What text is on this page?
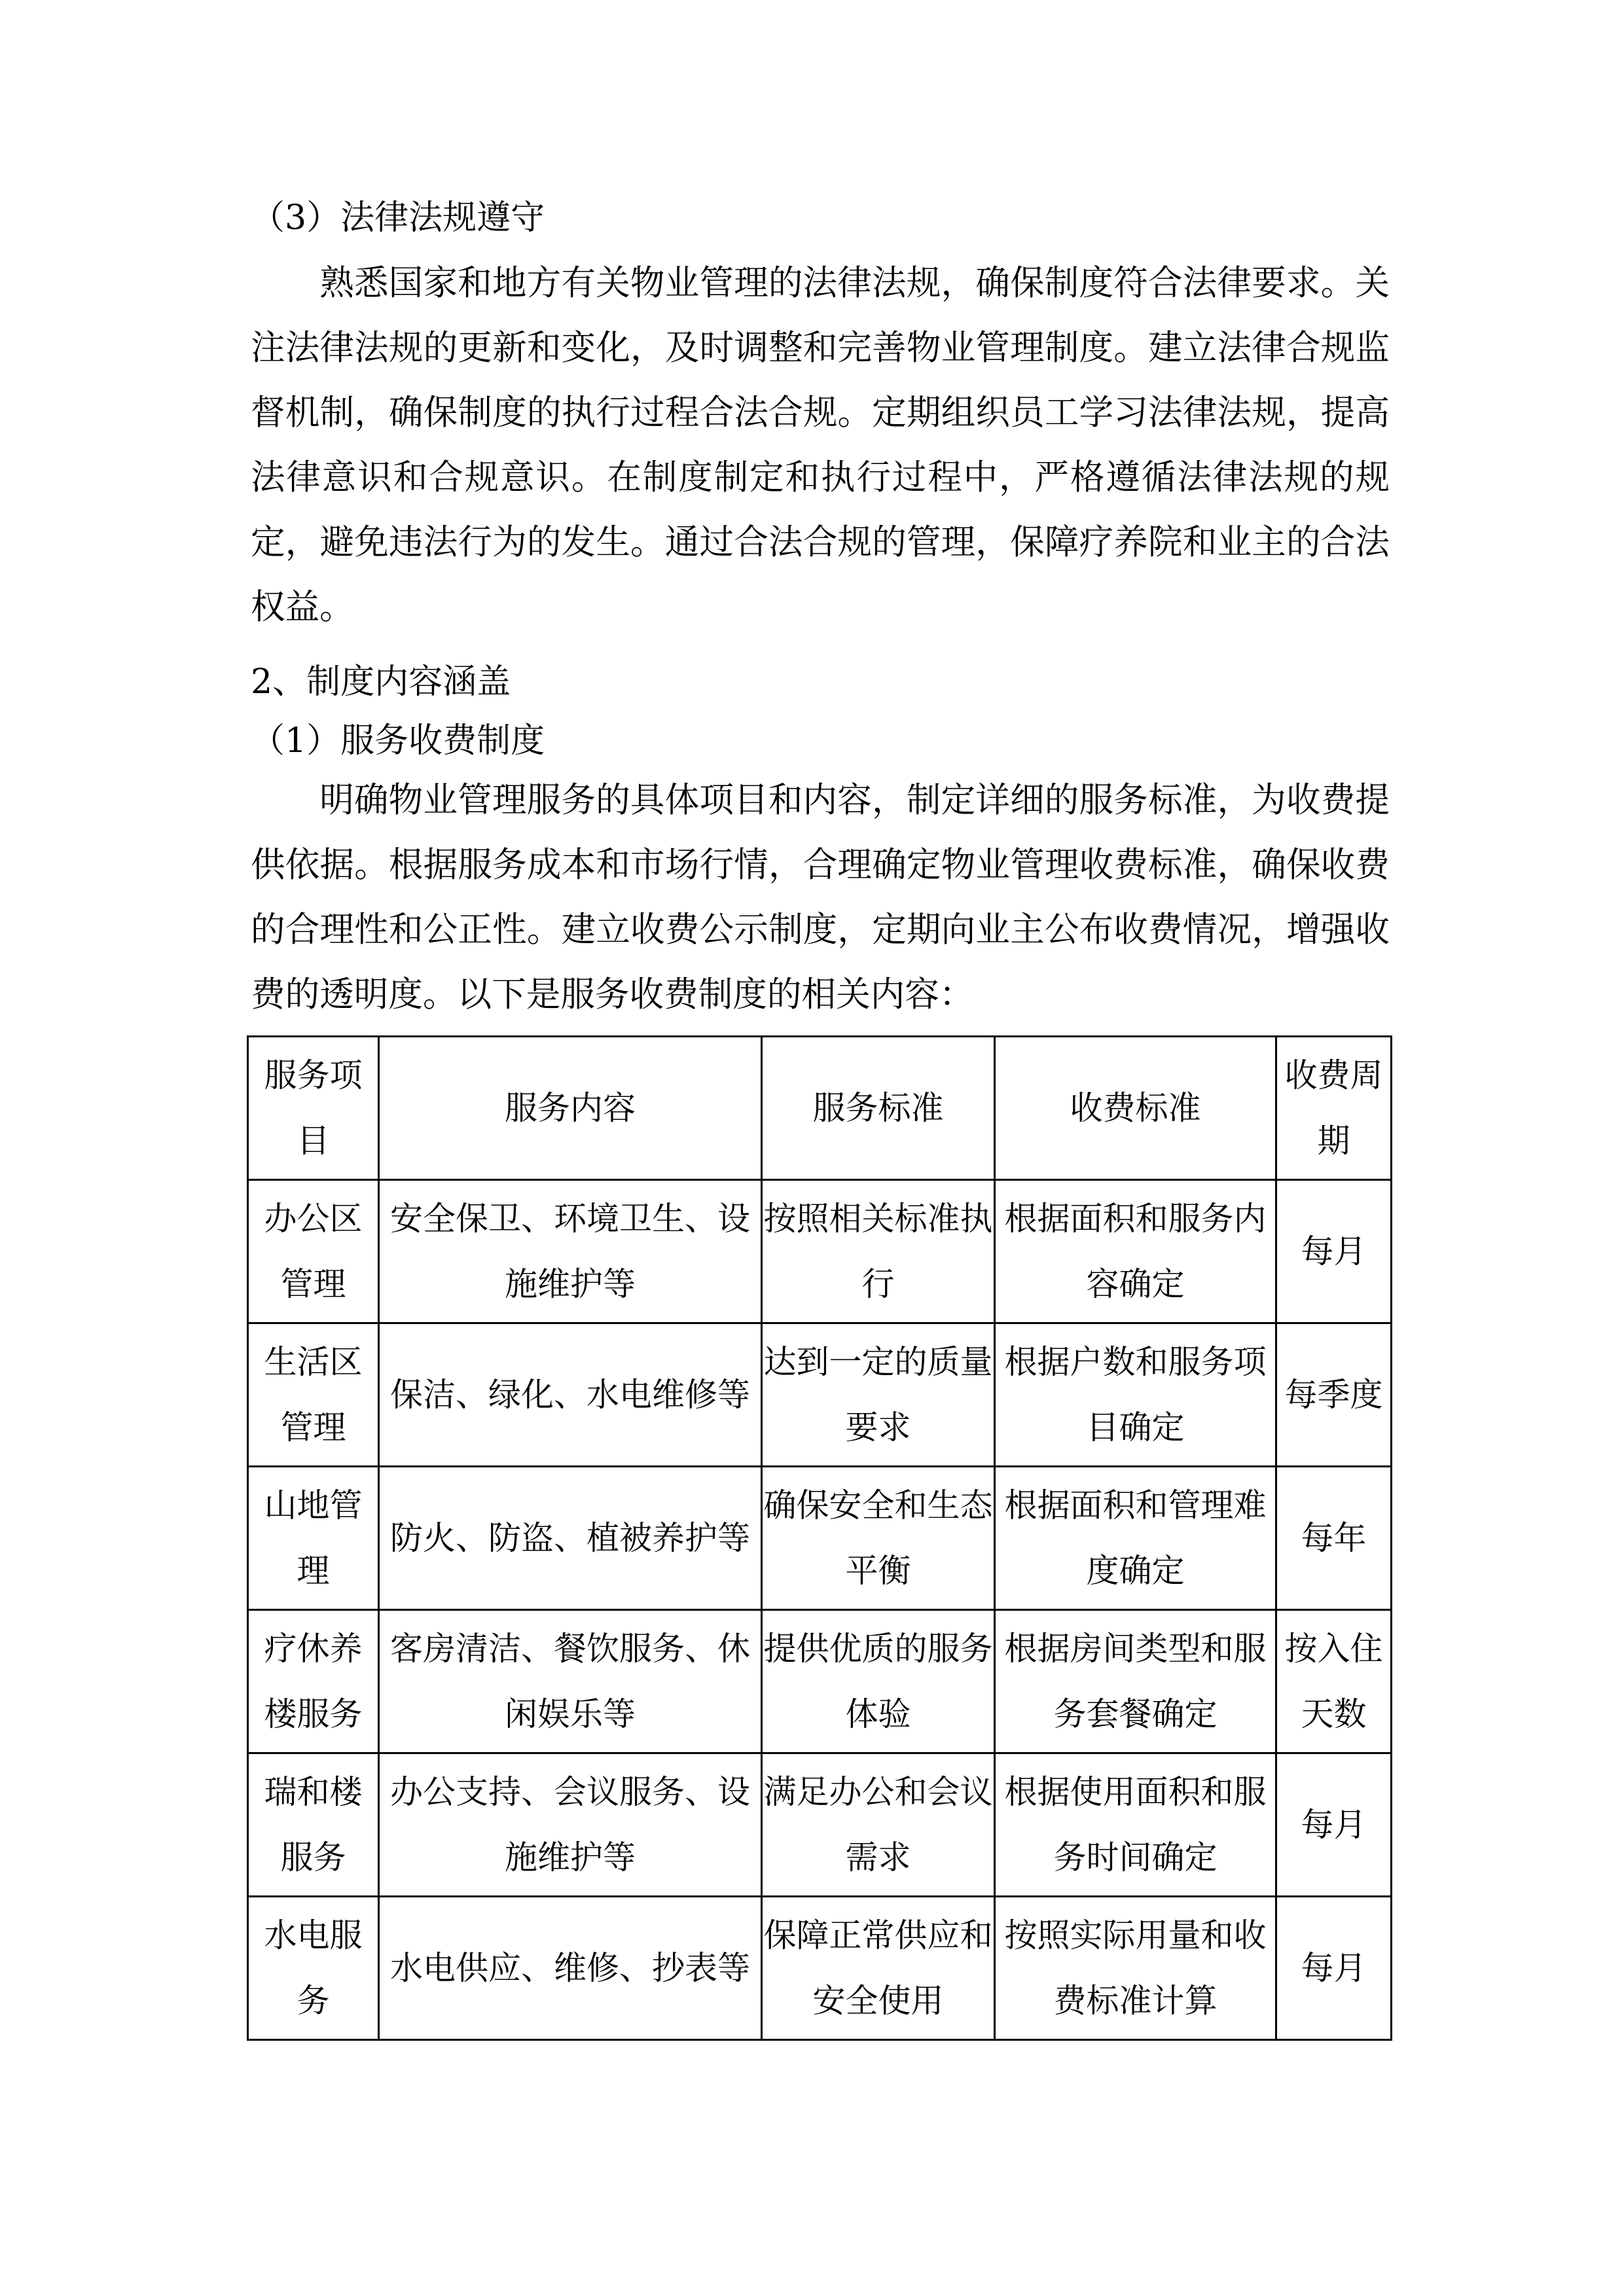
（3）法律法规遵守

熟悉国家和地方有关物业管理的法律法规，确保制度符合法律要求。关注法律法规的更新和变化，及时调整和完善物业管理制度。建立法律合规监督机制，确保制度的执行过程合法合规。定期组织员工学习法律法规，提高法律意识和合规意识。在制度制定和执行过程中，严格遵循法律法规的规定，避免违法行为的发生。通过合法合规的管理，保障疗养院和业主的合法权益。

2、制度内容涵盖
（1）服务收费制度

明确物业管理服务的具体项目和内容，制定详细的服务标准，为收费提供依据。根据服务成本和市场行情，合理确定物业管理收费标准，确保收费的合理性和公正性。建立收费公示制度，定期向业主公布收费情况，增强收费的透明度。以下是服务收费制度的相关内容：

服务项目	服务内容	服务标准	收费标准	收费周期
办公区管理	安全保卫、环境卫生、设施维护等	按照相关标准执行	根据面积和服务内容确定	每月
生活区管理	保洁、绿化、水电维修等	达到一定的质量要求	根据户数和服务项目确定	每季度
山地管理	防火、防盗、植被养护等	确保安全和生态平衡	根据面积和管理难度确定	每年
疗休养楼服务	客房清洁、餐饮服务、休闲娱乐等	提供优质的服务体验	根据房间类型和服务套餐确定	按入住天数
瑞和楼服务	办公支持、会议服务、设施维护等	满足办公和会议需求	根据使用面积和服务时间确定	每月
水电服务	水电供应、维修、抄表等	保障正常供应和安全使用	按照实际用量和收费标准计算	每月
